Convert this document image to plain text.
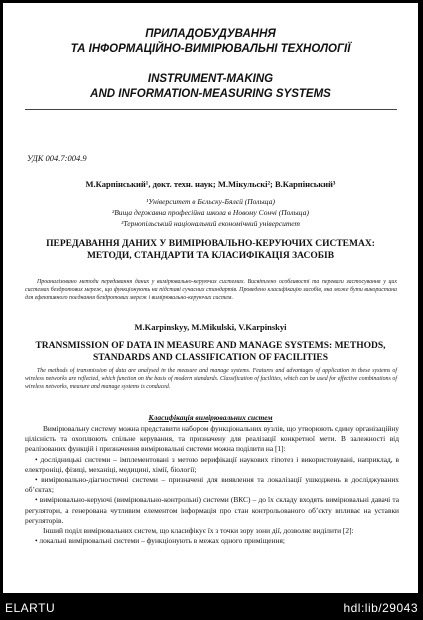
ПРИЛАДОБУДУВАННЯ
ТА ІНФОРМАЦІЙНО-ВИМІРЮВАЛЬНІ ТЕХНОЛОГІЇ
INSTRUMENT-MAKING
AND INFORMATION-MEASURING SYSTEMS
УДК 004.7:004.9
М.Карпінський¹, докт. техн. наук; М.Мікульскі²; В.Карпінський³
¹Університет в Бєльску-Бялєй (Польща)
²Вища державна професійна школа в Новому Сончі (Польща)
³Тернопільський національний економічний університет
ПЕРЕДАВАННЯ ДАНИХ У ВИМІРЮВАЛЬНО-КЕРУЮЧИХ СИСТЕМАХ: МЕТОДИ, СТАНДАРТИ ТА КЛАСИФІКАЦІЯ ЗАСОБІВ
Проаналізовано методи передавання даних у вимірювально-керуючих системах. Висвітлено особливості та переваги застосування у цих системах бездротових мереж, що функціонують на підставі сучасних стандартів. Проведено класифікацію засобів, яка може бути використана для ефективного поєднання бездротових мереж і вимірювально-керуючих систем.
M.Karpinskyy, M.Mikulski, V.Karpinskyi
TRANSMISSION OF DATA IN MEASURE AND MANAGE SYSTEMS: METHODS, STANDARDS AND CLASSIFICATION OF FACILITIES
The methods of transmission of data are analysed in the measure and manage systems. Features and advantages of application in these systems of wireless networks are reflected, which function on the basis of modern standards. Classification of facilities, which can be used for effective combinations of wireless networks, measure and manage systems is conduced.
Класифікація вимірювальних систем

Вимірювальну систему можна представити набором функціональних вузлів, що утворюють єдину організаційну цілісність та охоплюють спільне керування, та призначену для реалізації конкретної мети. В залежності від реалізованих функцій і призначення вимірювальні системи можна поділити на [1]:

• дослідницькі системи – імплементовані з метою верифікації наукових гіпотез і використовувані, наприклад, в електроніці, фізиці, механіці, медицині, хімії, біології;

• вимірювально-діагностичні системи – призначені для виявлення та локалізації ушкоджень в досліджуваних об’єктах;

• вимірювально-керуючі (вимірювально-контрольні) системи (ВКС) – до їх складу входять вимірювальні давачі та регулятори, а генерована чутливим елементом інформація про стан контрольованого об’єкту впливає на уставки регуляторів.

Інший поділ вимірювальних систем, що класифікує їх з точки зору зони дії, дозволяє виділити [2]:

• локальні вимірювальні системи – функціонують в межах одного приміщення;

ELARTU	hdl:lib/29043
